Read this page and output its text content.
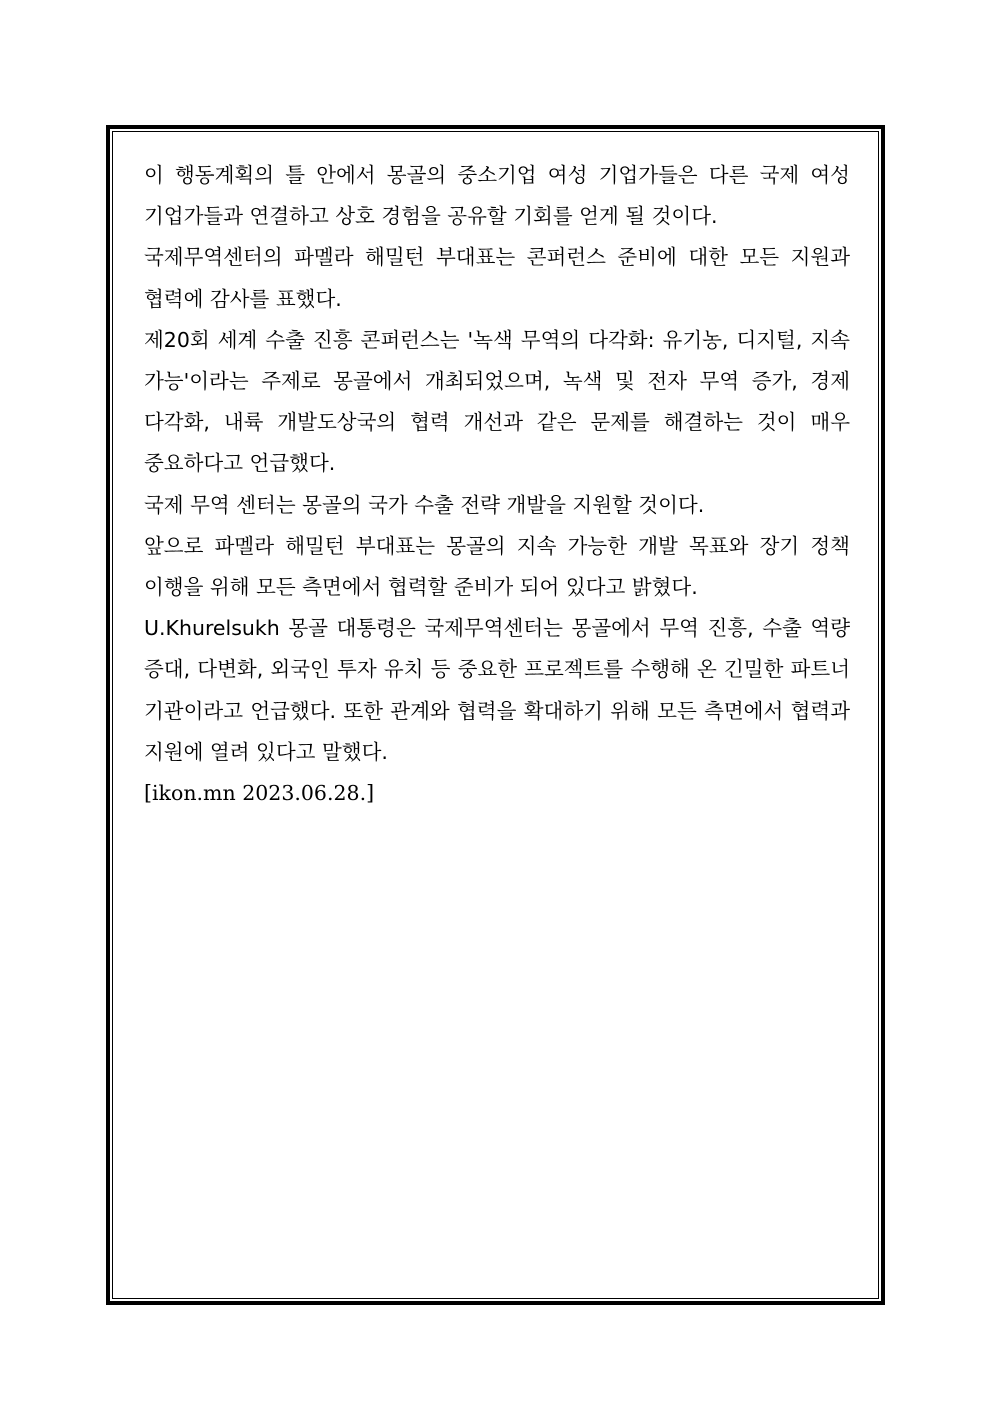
이 행동계획의 틀 안에서 몽골의 중소기업 여성 기업가들은 다른 국제 여성 기업가들과 연결하고 상호 경험을 공유할 기회를 얻게 될 것이다.

국제무역센터의 파멜라 해밀턴 부대표는 콘퍼런스 준비에 대한 모든 지원과 협력에 감사를 표했다.

제20회 세계 수출 진흥 콘퍼런스는 '녹색 무역의 다각화: 유기농, 디지털, 지속 가능'이라는 주제로 몽골에서 개최되었으며, 녹색 및 전자 무역 증가, 경제 다각화, 내륙 개발도상국의 협력 개선과 같은 문제를 해결하는 것이 매우 중요하다고 언급했다.

국제 무역 센터는 몽골의 국가 수출 전략 개발을 지원할 것이다.

앞으로 파멜라 해밀턴 부대표는 몽골의 지속 가능한 개발 목표와 장기 정책 이행을 위해 모든 측면에서 협력할 준비가 되어 있다고 밝혔다.

U.Khurelsukh 몽골 대통령은 국제무역센터는 몽골에서 무역 진흥, 수출 역량 증대, 다변화, 외국인 투자 유치 등 중요한 프로젝트를 수행해 온 긴밀한 파트너 기관이라고 언급했다. 또한 관계와 협력을 확대하기 위해 모든 측면에서 협력과 지원에 열려 있다고 말했다.

[ikon.mn 2023.06.28.]
